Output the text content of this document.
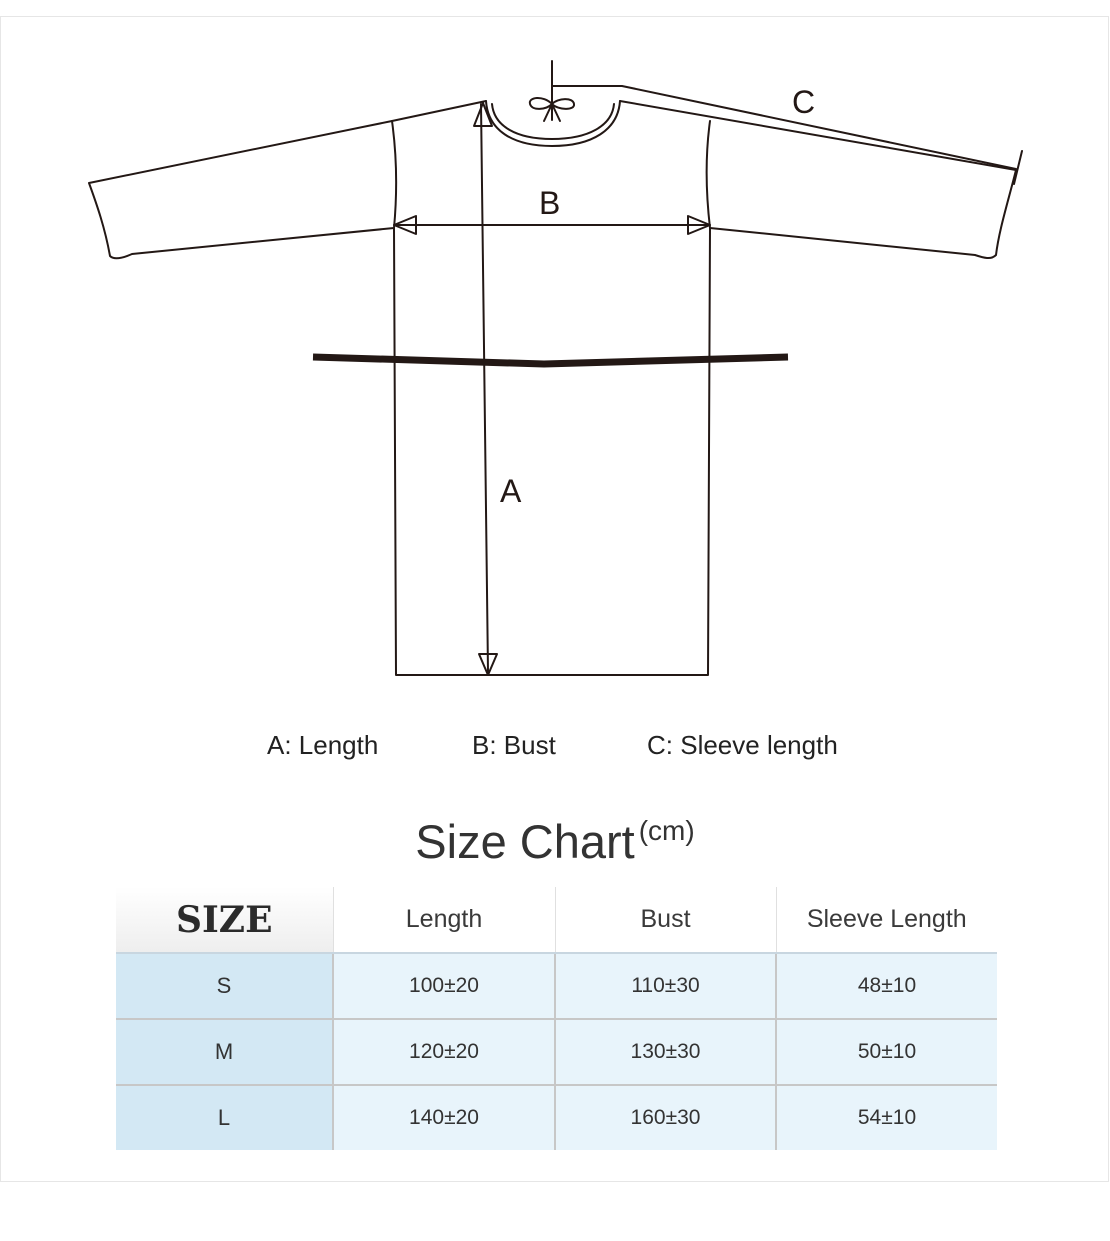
C
B
A
A: Length	B: Bust	C: Sleeve length
Size Chart $^{(cm)}$
SIZE	Length	Bust	Sleeve Length
S	100±20	110±30	48±10
M	120±20	130±30	50±10
L	140±20	160±30	54±10
